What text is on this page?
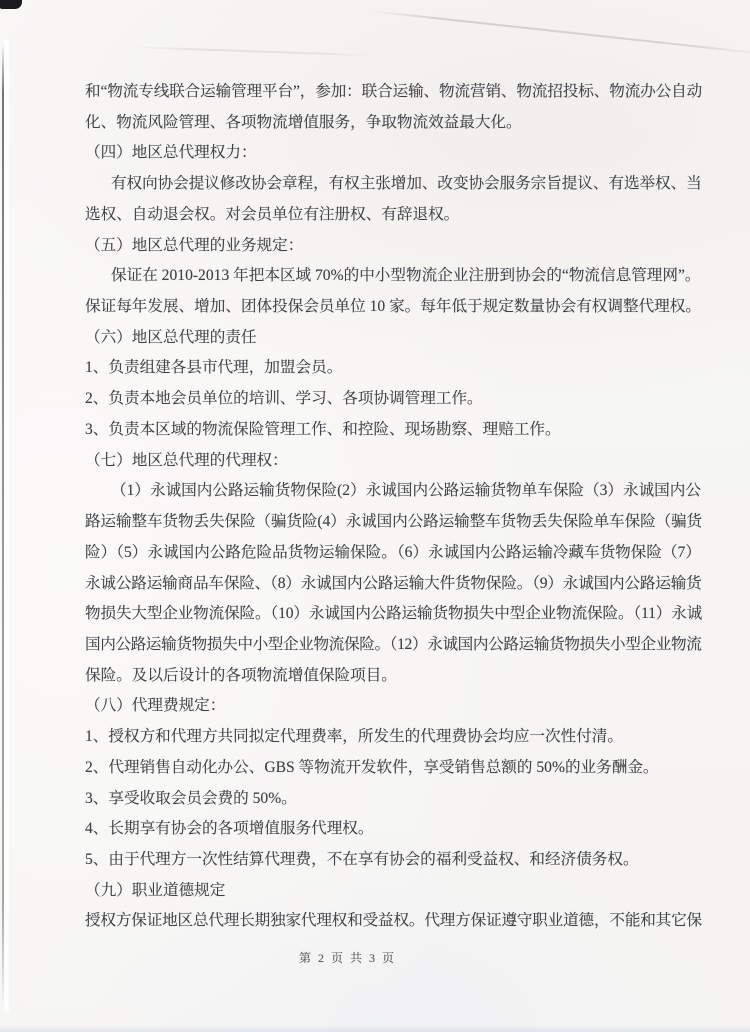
和“物流专线联合运输管理平台”，参加：联合运输、物流营销、物流招投标、物流办公自动
化、物流风险管理、各项物流增值服务，争取物流效益最大化。
（四）地区总代理权力：
有权向协会提议修改协会章程，有权主张增加、改变协会服务宗旨提议、有选举权、当
选权、自动退会权。对会员单位有注册权、有辞退权。
（五）地区总代理的业务规定：
保证在 2010-2013 年把本区域 70%的中小型物流企业注册到协会的“物流信息管理网”。
保证每年发展、增加、团体投保会员单位 10 家。每年低于规定数量协会有权调整代理权。
（六）地区总代理的责任
1、负责组建各县市代理，加盟会员。
2、负责本地会员单位的培训、学习、各项协调管理工作。
3、负责本区域的物流保险管理工作、和控险、现场勘察、理赔工作。
（七）地区总代理的代理权：
（1）永诚国内公路运输货物保险(2）永诚国内公路运输货物单车保险（3）永诚国内公
路运输整车货物丢失保险（骗货险(4）永诚国内公路运输整车货物丢失保险单车保险（骗货
险）（5）永诚国内公路危险品货物运输保险。（6）永诚国内公路运输冷藏车货物保险（7）
永诚公路运输商品车保险、（8）永诚国内公路运输大件货物保险。（9）永诚国内公路运输货
物损失大型企业物流保险。（10）永诚国内公路运输货物损失中型企业物流保险。（11）永诚
国内公路运输货物损失中小型企业物流保险。（12）永诚国内公路运输货物损失小型企业物流
保险。及以后设计的各项物流增值保险项目。
（八）代理费规定：
1、授权方和代理方共同拟定代理费率，所发生的代理费协会均应一次性付清。
2、代理销售自动化办公、GBS 等物流开发软件，享受销售总额的 50%的业务酬金。
3、享受收取会员会费的 50%。
4、长期享有协会的各项增值服务代理权。
5、由于代理方一次性结算代理费，不在享有协会的福利受益权、和经济债务权。
（九）职业道德规定
授权方保证地区总代理长期独家代理权和受益权。代理方保证遵守职业道德，不能和其它保
第 2 页 共 3 页
